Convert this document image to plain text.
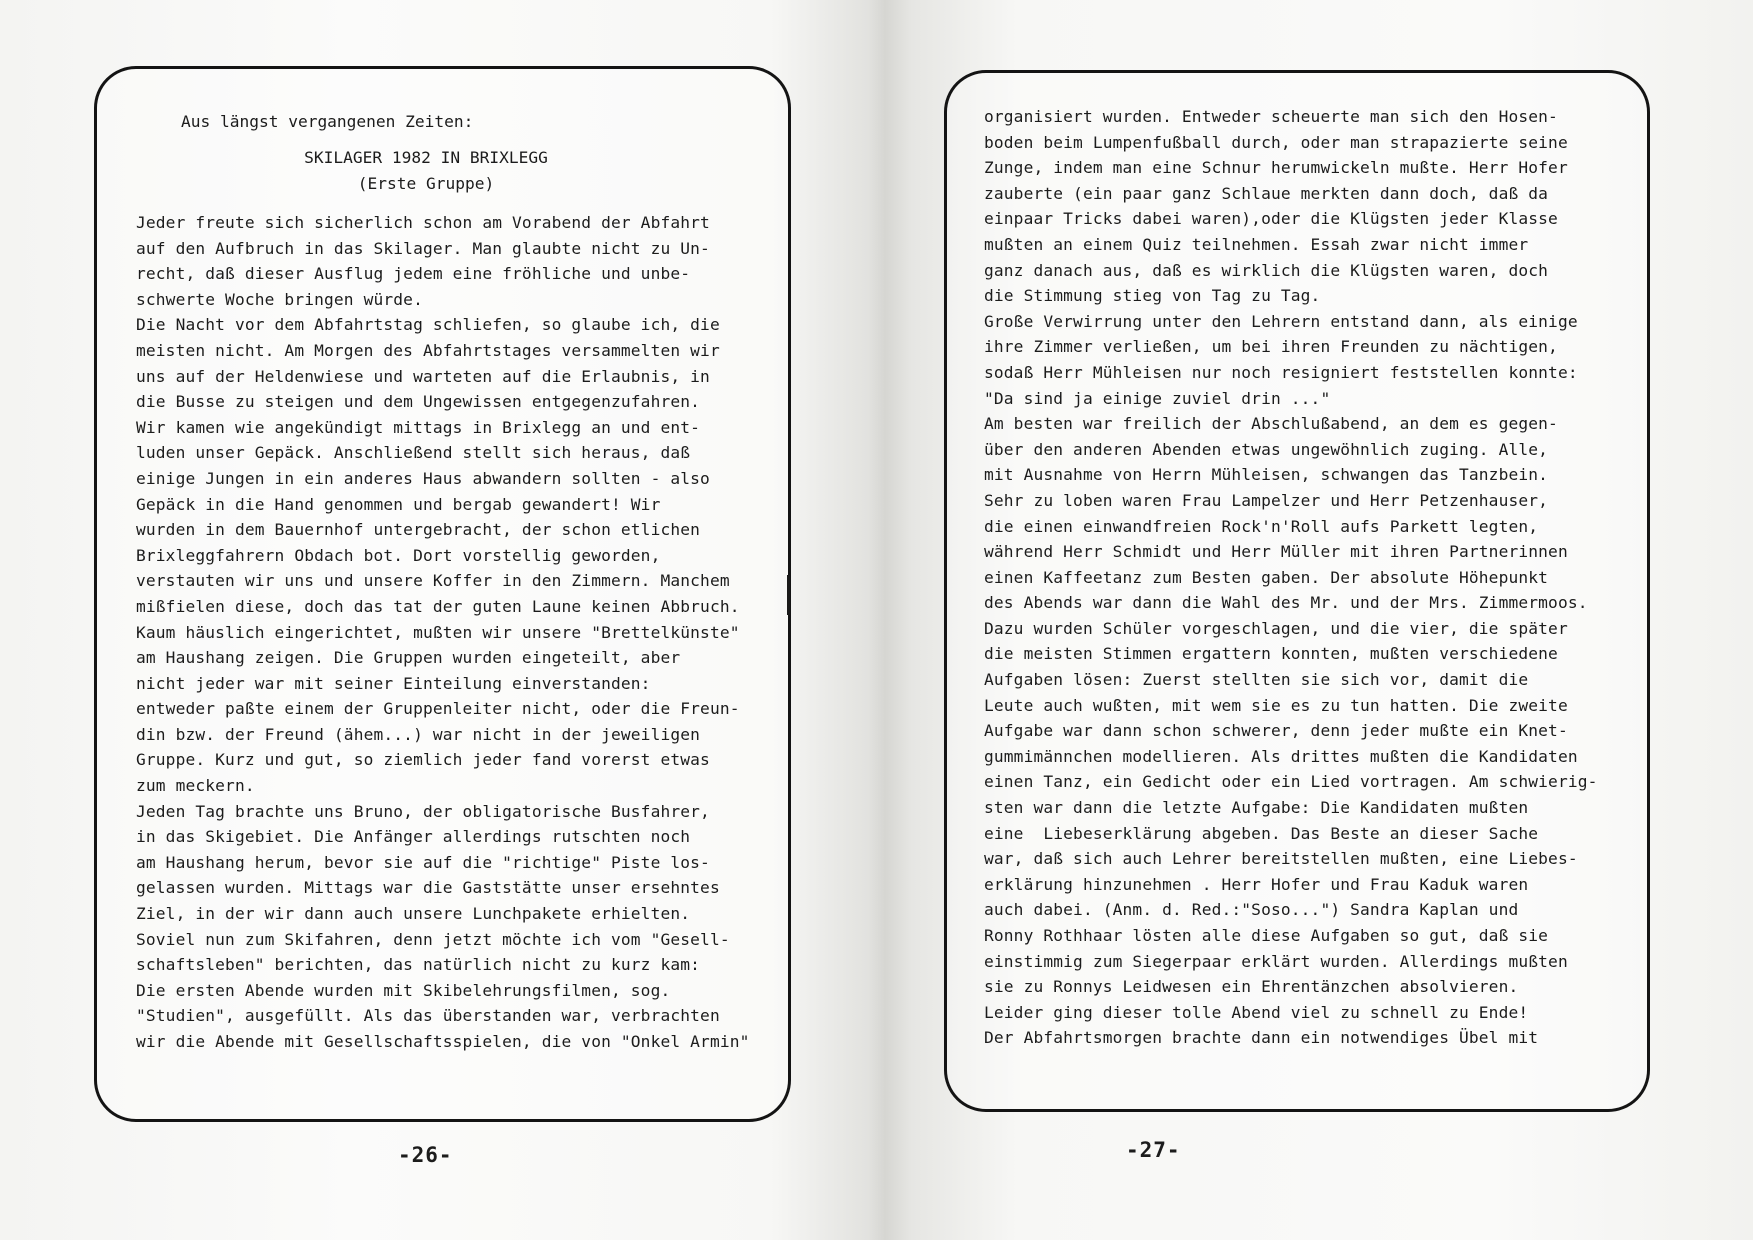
Aus längst vergangenen Zeiten:
SKILAGER 1982 IN BRIXLEGG
(Erste Gruppe)
Jeder freute sich sicherlich schon am Vorabend der Abfahrt
auf den Aufbruch in das Skilager. Man glaubte nicht zu Un-
recht, daß dieser Ausflug jedem eine fröhliche und unbe-
schwerte Woche bringen würde.
Die Nacht vor dem Abfahrtstag schliefen, so glaube ich, die
meisten nicht. Am Morgen des Abfahrtstages versammelten wir
uns auf der Heldenwiese und warteten auf die Erlaubnis, in
die Busse zu steigen und dem Ungewissen entgegenzufahren.
Wir kamen wie angekündigt mittags in Brixlegg an und ent-
luden unser Gepäck. Anschließend stellt sich heraus, daß
einige Jungen in ein anderes Haus abwandern sollten - also
Gepäck in die Hand genommen und bergab gewandert! Wir
wurden in dem Bauernhof untergebracht, der schon etlichen
Brixleggfahrern Obdach bot. Dort vorstellig geworden,
verstauten wir uns und unsere Koffer in den Zimmern. Manchem
mißfielen diese, doch das tat der guten Laune keinen Abbruch.
Kaum häuslich eingerichtet, mußten wir unsere "Brettelkünste"
am Haushang zeigen. Die Gruppen wurden eingeteilt, aber
nicht jeder war mit seiner Einteilung einverstanden:
entweder paßte einem der Gruppenleiter nicht, oder die Freun-
din bzw. der Freund (ähem...) war nicht in der jeweiligen
Gruppe. Kurz und gut, so ziemlich jeder fand vorerst etwas
zum meckern.
Jeden Tag brachte uns Bruno, der obligatorische Busfahrer,
in das Skigebiet. Die Anfänger allerdings rutschten noch
am Haushang herum, bevor sie auf die "richtige" Piste los-
gelassen wurden. Mittags war die Gaststätte unser ersehntes
Ziel, in der wir dann auch unsere Lunchpakete erhielten.
Soviel nun zum Skifahren, denn jetzt möchte ich vom "Gesell-
schaftsleben" berichten, das natürlich nicht zu kurz kam:
Die ersten Abende wurden mit Skibelehrungsfilmen, sog.
"Studien", ausgefüllt. Als das überstanden war, verbrachten
wir die Abende mit Gesellschaftsspielen, die von "Onkel Armin"
-26-
organisiert wurden. Entweder scheuerte man sich den Hosen-
boden beim Lumpenfußball durch, oder man strapazierte seine
Zunge, indem man eine Schnur herumwickeln mußte. Herr Hofer
zauberte (ein paar ganz Schlaue merkten dann doch, daß da
einpaar Tricks dabei waren),oder die Klügsten jeder Klasse
mußten an einem Quiz teilnehmen. Essah zwar nicht immer
ganz danach aus, daß es wirklich die Klügsten waren, doch
die Stimmung stieg von Tag zu Tag.
Große Verwirrung unter den Lehrern entstand dann, als einige
ihre Zimmer verließen, um bei ihren Freunden zu nächtigen,
sodaß Herr Mühleisen nur noch resigniert feststellen konnte:
"Da sind ja einige zuviel drin ..."
Am besten war freilich der Abschlußabend, an dem es gegen-
über den anderen Abenden etwas ungewöhnlich zuging. Alle,
mit Ausnahme von Herrn Mühleisen, schwangen das Tanzbein.
Sehr zu loben waren Frau Lampelzer und Herr Petzenhauser,
die einen einwandfreien Rock'n'Roll aufs Parkett legten,
während Herr Schmidt und Herr Müller mit ihren Partnerinnen
einen Kaffeetanz zum Besten gaben. Der absolute Höhepunkt
des Abends war dann die Wahl des Mr. und der Mrs. Zimmermoos.
Dazu wurden Schüler vorgeschlagen, und die vier, die später
die meisten Stimmen ergattern konnten, mußten verschiedene
Aufgaben lösen: Zuerst stellten sie sich vor, damit die
Leute auch wußten, mit wem sie es zu tun hatten. Die zweite
Aufgabe war dann schon schwerer, denn jeder mußte ein Knet-
gummimännchen modellieren. Als drittes mußten die Kandidaten
einen Tanz, ein Gedicht oder ein Lied vortragen. Am schwierig-
sten war dann die letzte Aufgabe: Die Kandidaten mußten
eine  Liebeserklärung abgeben. Das Beste an dieser Sache
war, daß sich auch Lehrer bereitstellen mußten, eine Liebes-
erklärung hinzunehmen . Herr Hofer und Frau Kaduk waren
auch dabei. (Anm. d. Red.:"Soso...") Sandra Kaplan und
Ronny Rothhaar lösten alle diese Aufgaben so gut, daß sie
einstimmig zum Siegerpaar erklärt wurden. Allerdings mußten
sie zu Ronnys Leidwesen ein Ehrentänzchen absolvieren.
Leider ging dieser tolle Abend viel zu schnell zu Ende!
Der Abfahrtsmorgen brachte dann ein notwendiges Übel mit
-27-
